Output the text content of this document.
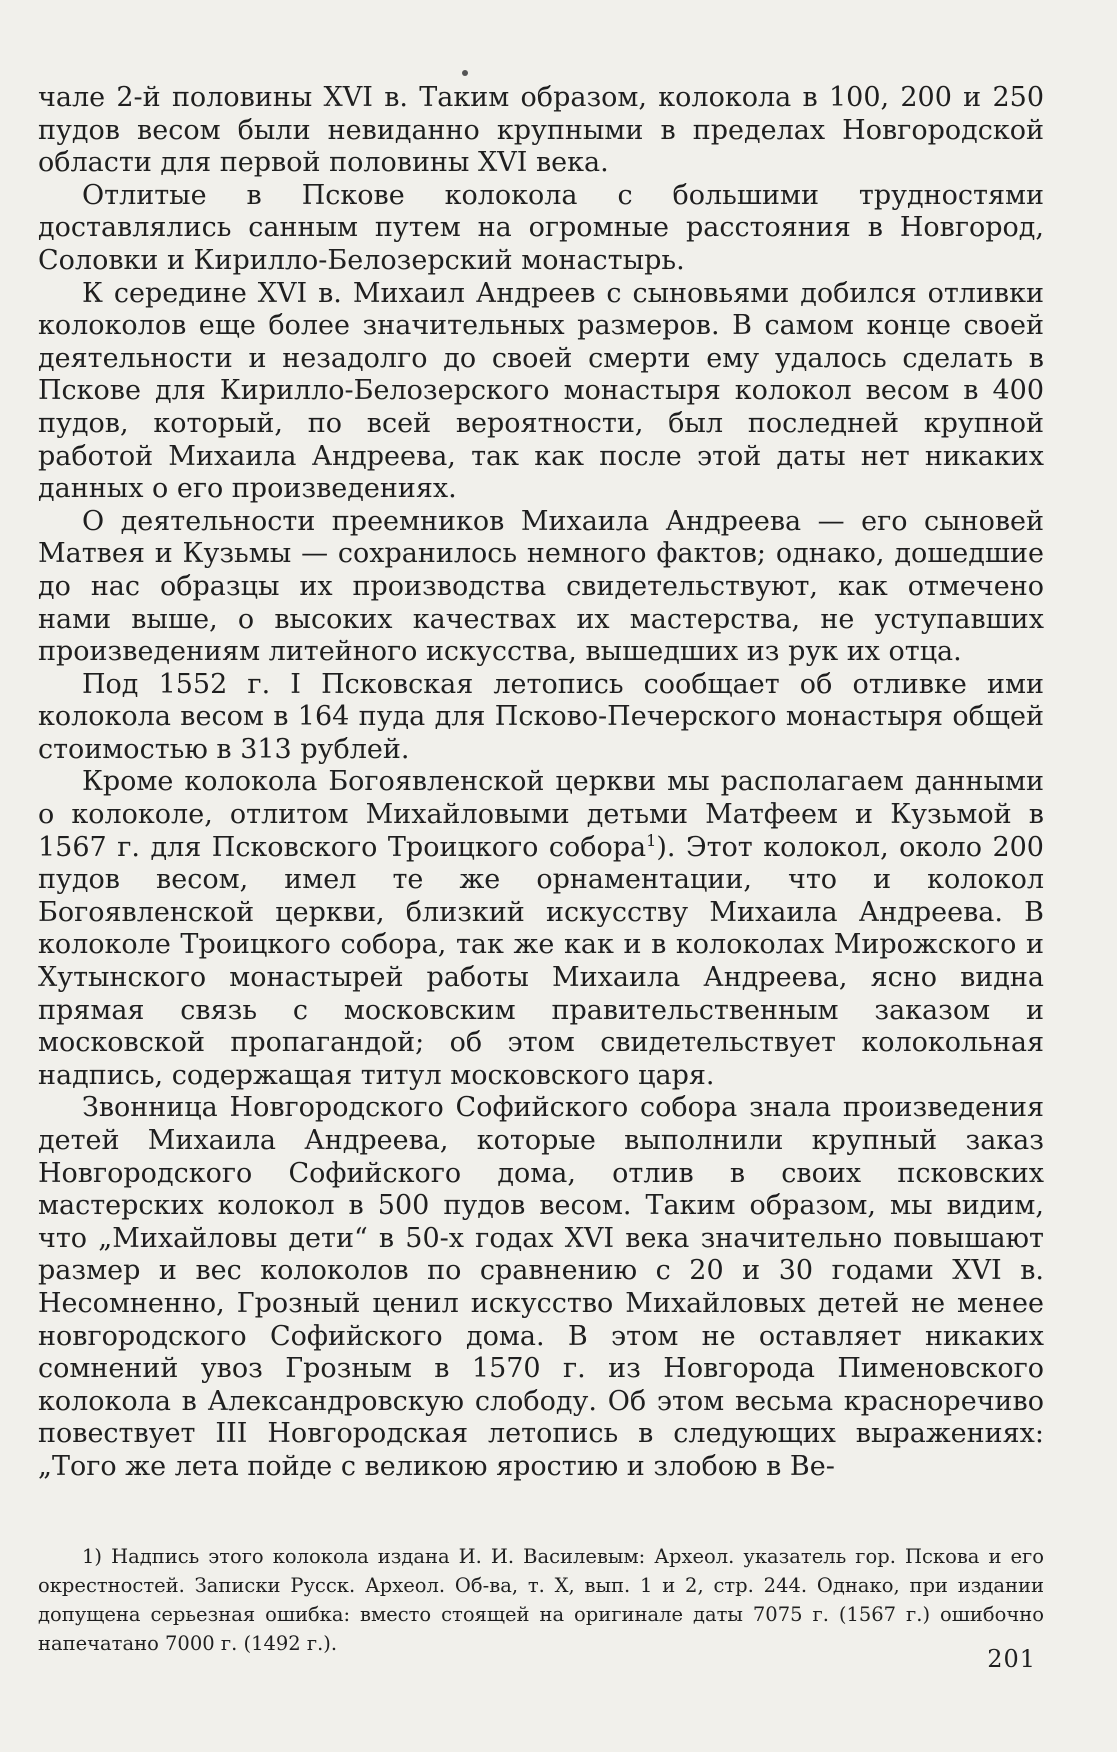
чале 2-й половины XVI в. Таким образом, колокола в 100, 200 и 250 пудов весом были невиданно крупными в пределах Новгородской области для первой половины XVI века.

Отлитые в Пскове колокола с большими трудностями доставлялись санным путем на огромные расстояния в Новгород, Соловки и Кирилло-Белозерский монастырь.

К середине XVI в. Михаил Андреев с сыновьями добился отливки колоколов еще более значительных размеров. В самом конце своей деятельности и незадолго до своей смерти ему удалось сделать в Пскове для Кирилло-Белозерского монастыря колокол весом в 400 пудов, который, по всей вероятности, был последней крупной работой Михаила Андреева, так как после этой даты нет никаких данных о его произведениях.

О деятельности преемников Михаила Андреева — его сыновей Матвея и Кузьмы — сохранилось немного фактов; однако, дошедшие до нас образцы их производства свидетельствуют, как отмечено нами выше, о высоких качествах их мастерства, не уступавших произведениям литейного искусства, вышедших из рук их отца.

Под 1552 г. I Псковская летопись сообщает об отливке ими колокола весом в 164 пуда для Псково-Печерского монастыря общей стоимостью в 313 рублей.

Кроме колокола Богоявленской церкви мы располагаем данными о колоколе, отлитом Михайловыми детьми Матфеем и Кузьмой в 1567 г. для Псковского Троицкого собора$^1$). Этот колокол, около 200 пудов весом, имел те же орнаментации, что и колокол Богоявленской церкви, близкий искусству Михаила Андреева. В колоколе Троицкого собора, так же как и в колоколах Мирожского и Хутынского монастырей работы Михаила Андреева, ясно видна прямая связь с московским правительственным заказом и московской пропагандой; об этом свидетельствует колокольная надпись, содержащая титул московского царя.

Звонница Новгородского Софийского собора знала произведения детей Михаила Андреева, которые выполнили крупный заказ Новгородского Софийского дома, отлив в своих псковских мастерских колокол в 500 пудов весом. Таким образом, мы видим, что „Михайловы дети“ в 50-х годах XVI века значительно повышают размер и вес колоколов по сравнению с 20 и 30 годами XVI в. Несомненно, Грозный ценил искусство Михайловых детей не менее новгородского Софийского дома. В этом не оставляет никаких сомнений увоз Грозным в 1570 г. из Новгорода Пименовского колокола в Александровскую слободу. Об этом весьма красноречиво повествует III Новгородская летопись в следующих выражениях: „Того же лета пойде с великою яростию и злобою в Ве-

1) Надпись этого колокола издана И. И. Василевым: Археол. указатель гор. Пскова и его окрестностей. Записки Русск. Археол. Об-ва, т. X, вып. 1 и 2, стр. 244. Однако, при издании допущена серьезная ошибка: вместо стоящей на оригинале даты 7075 г. (1567 г.) ошибочно напечатано 7000 г. (1492 г.).

201
